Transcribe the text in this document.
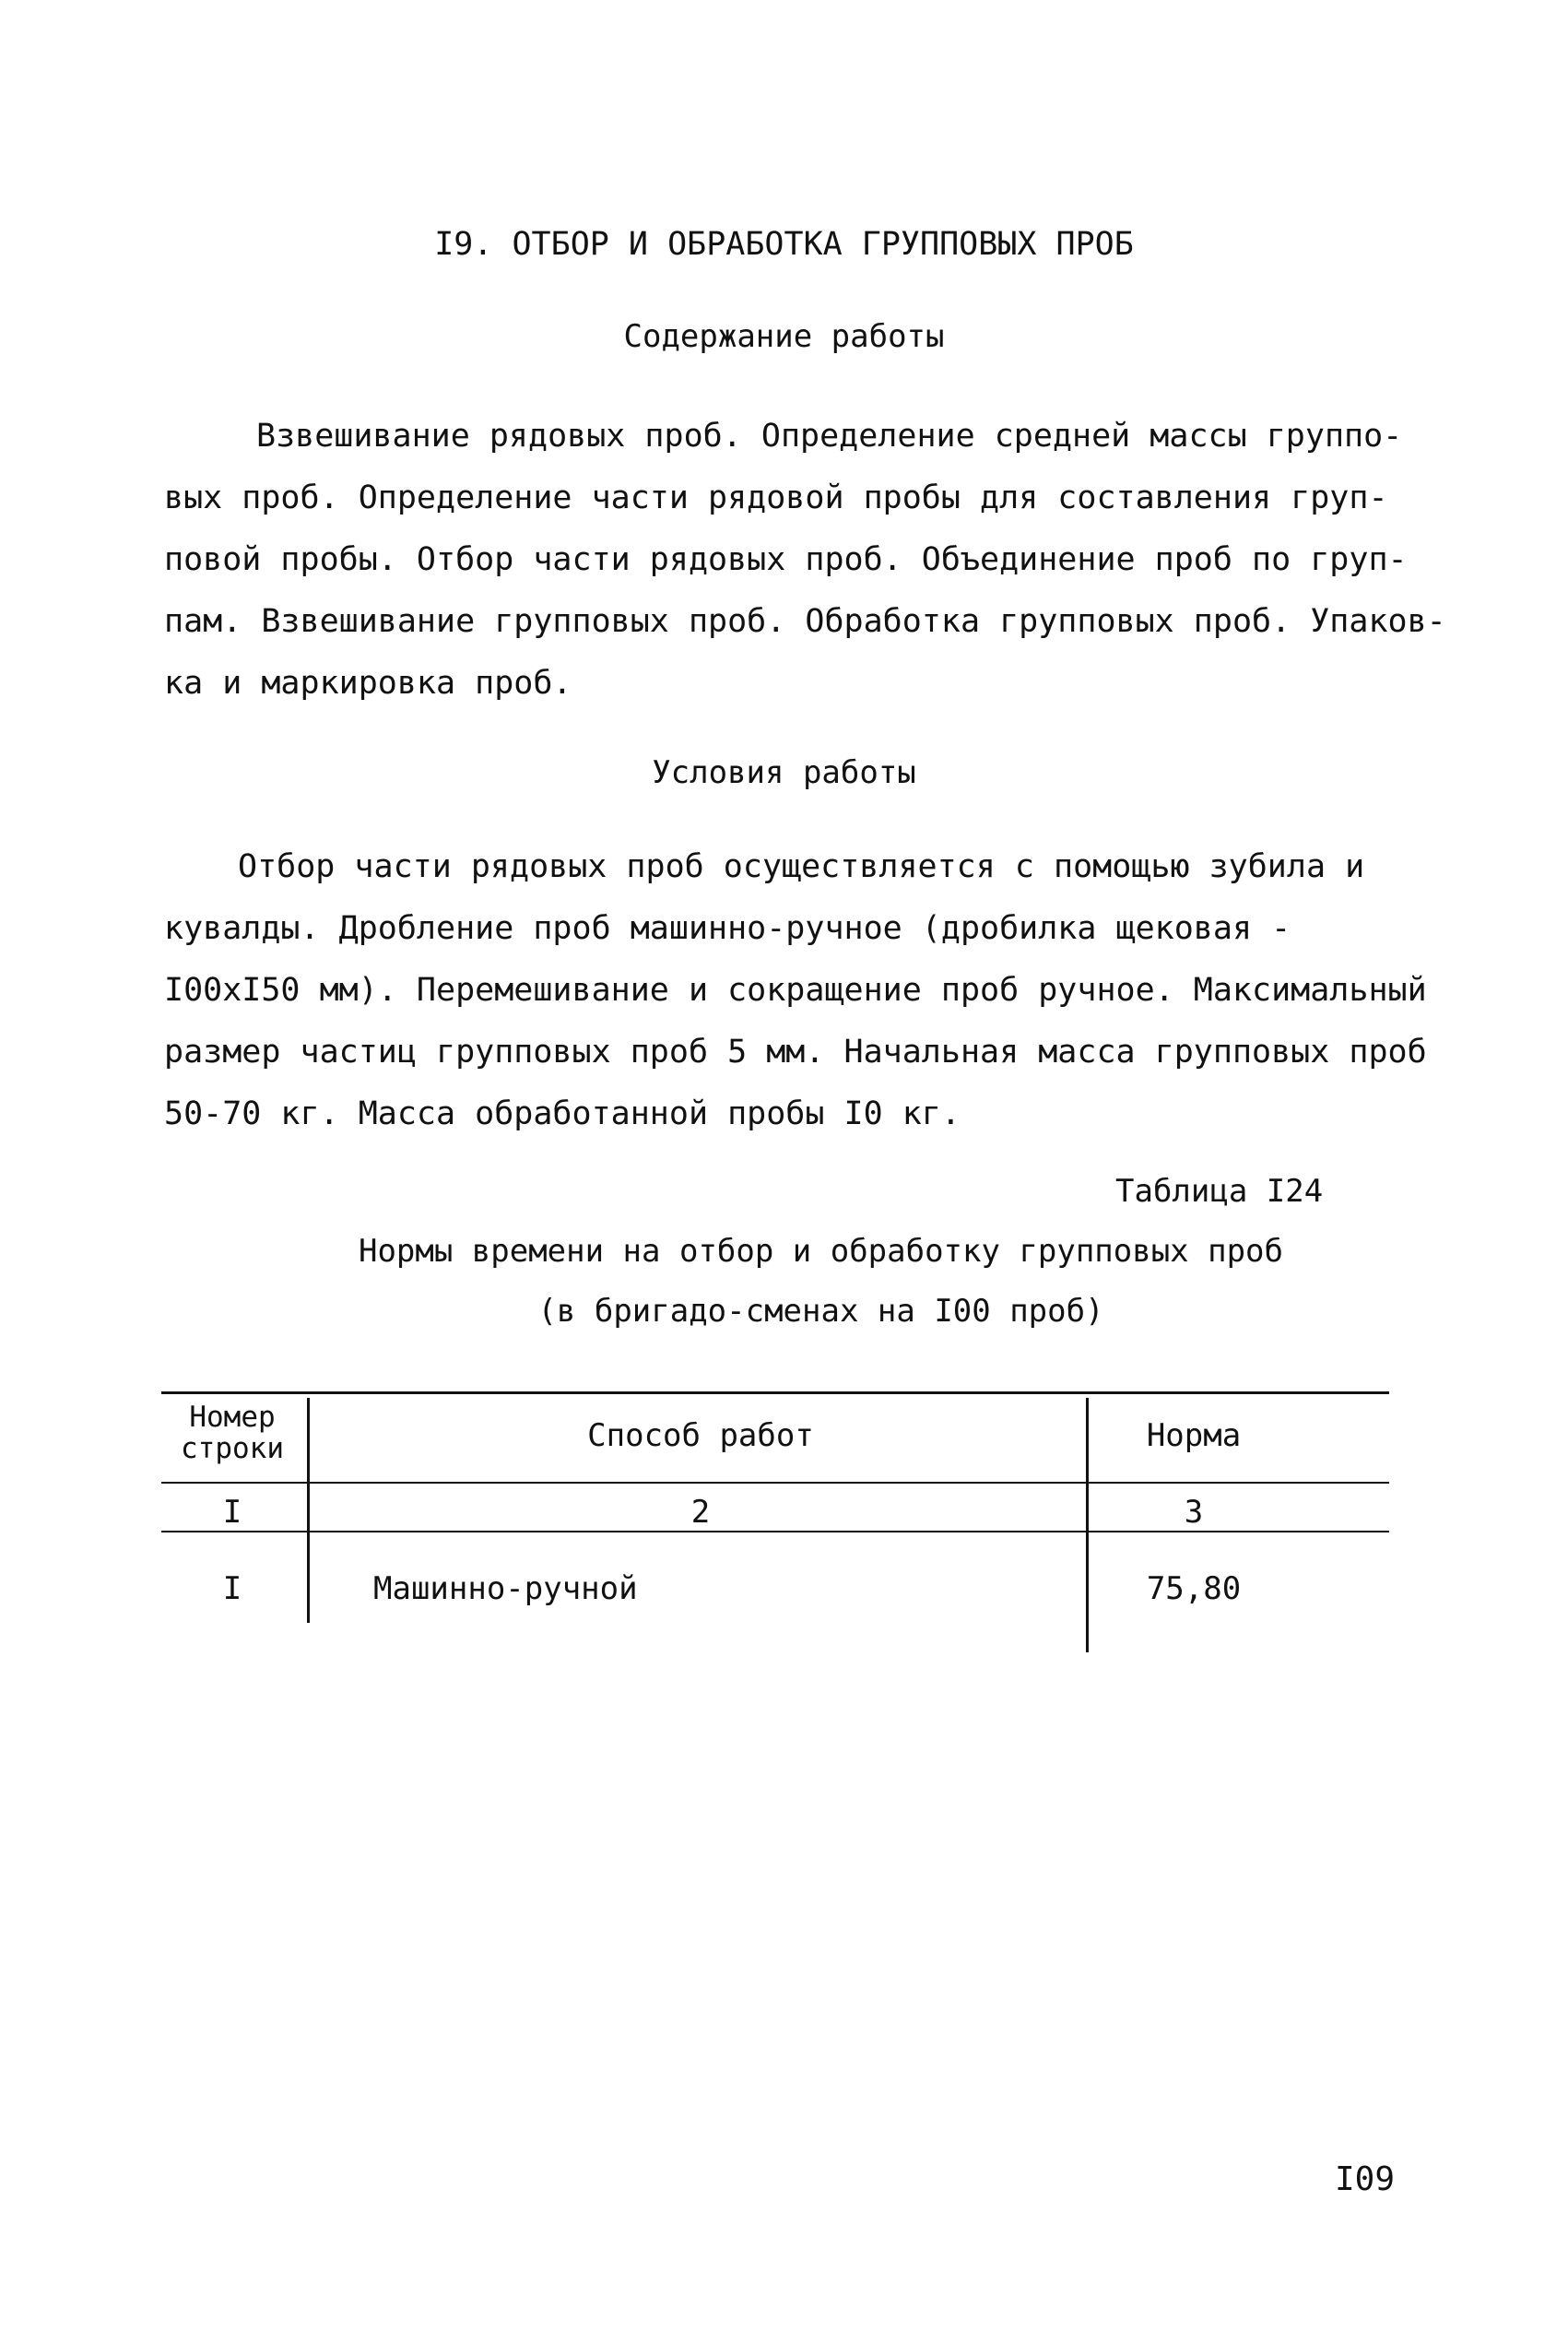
I9. ОТБОР И ОБРАБОТКА ГРУППОВЫХ ПРОБ
Содержание работы
Взвешивание рядовых проб. Определение средней массы группо-
вых проб. Определение части рядовой пробы для составления груп-
повой пробы. Отбор части рядовых проб. Объединение проб по груп-
пам. Взвешивание групповых проб. Обработка групповых проб. Упаков-
ка и маркировка проб.
Условия работы
Отбор части рядовых проб осуществляется с помощью зубила и
кувалды. Дробление проб машинно-ручное (дробилка щековая -
I00xI50 мм). Перемешивание и сокращение проб ручное. Максимальный
размер частиц групповых проб 5 мм. Начальная масса групповых проб
50-70 кг. Масса обработанной пробы I0 кг.
Таблица I24
Нормы времени на отбор и обработку групповых проб
(в бригадо-сменах на I00 проб)
Номер
строки	Способ работ	Норма
I	2	3
I	Машинно-ручной	75,80
I09
